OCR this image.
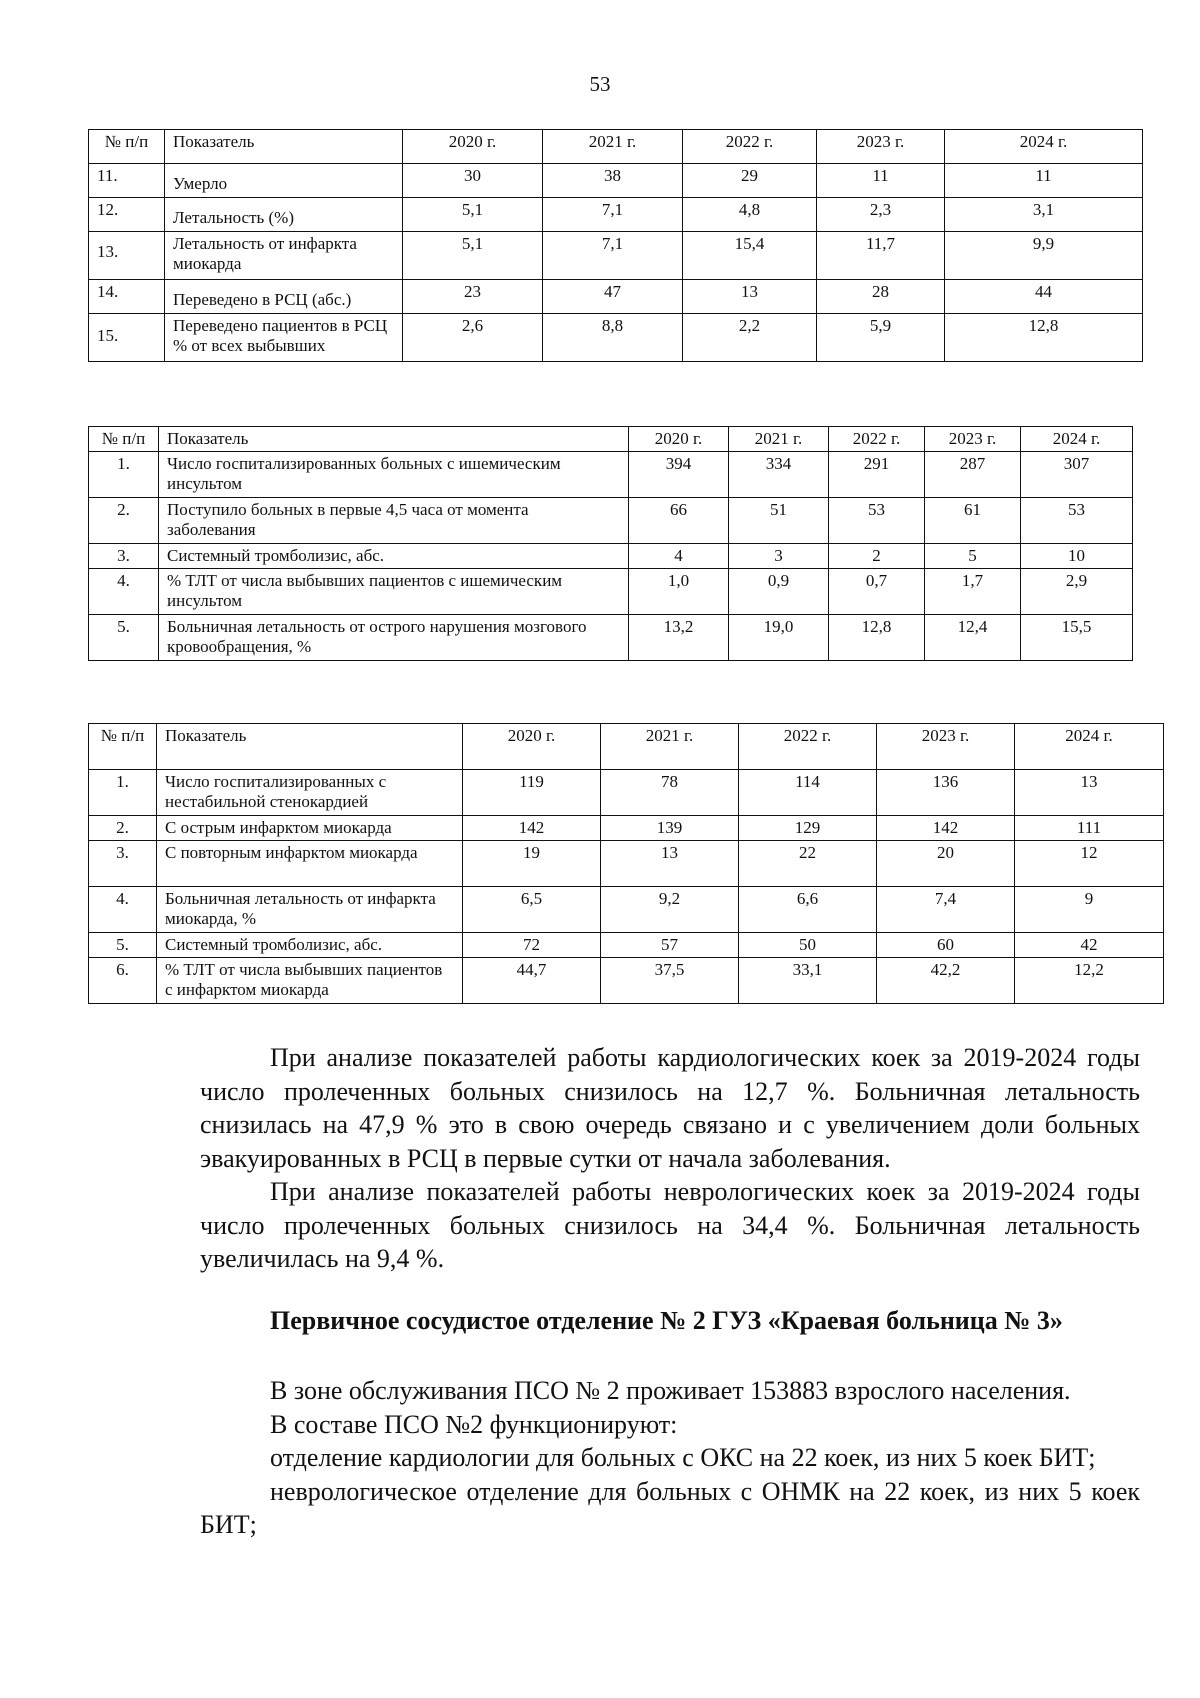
53
№ п/п	Показатель	2020 г.	2021 г.	2022 г.	2023 г.	2024 г.
11.	Умерло	30	38	29	11	11
12.	Летальность (%)	5,1	7,1	4,8	2,3	3,1
13.	Летальность от инфаркта миокарда	5,1	7,1	15,4	11,7	9,9
14.	Переведено в РСЦ (абс.)	23	47	13	28	44
15.	Переведено пациентов в РСЦ % от всех выбывших	2,6	8,8	2,2	5,9	12,8
№ п/п	Показатель	2020 г.	2021 г.	2022 г.	2023 г.	2024 г.
1.	Число госпитализированных больных с ишемическим инсультом	394	334	291	287	307
2.	Поступило больных в первые 4,5 часа от момента заболевания	66	51	53	61	53
3.	Системный тромболизис, абс.	4	3	2	5	10
4.	% ТЛТ от числа выбывших пациентов с ишемическим инсультом	1,0	0,9	0,7	1,7	2,9
5.	Больничная летальность от острого нарушения мозгового кровообращения, %	13,2	19,0	12,8	12,4	15,5
№ п/п	Показатель	2020 г.	2021 г.	2022 г.	2023 г.	2024 г.
1.	Число госпитализированных с нестабильной стенокардией	119	78	114	136	13
2.	С острым инфарктом миокарда	142	139	129	142	111
3.	С повторным инфарктом миокарда	19	13	22	20	12
4.	Больничная летальность от инфаркта миокарда, %	6,5	9,2	6,6	7,4	9
5.	Системный тромболизис, абс.	72	57	50	60	42
6.	% ТЛТ от числа выбывших пациентов с инфарктом миокарда	44,7	37,5	33,1	42,2	12,2

При анализе показателей работы кардиологических коек за 2019-2024 годы число пролеченных больных снизилось на 12,7 %. Больничная летальность снизилась на 47,9 % это в свою очередь связано и с увеличением доли больных эвакуированных в РСЦ в первые сутки от начала заболевания.

При анализе показателей работы неврологических коек за 2019-2024 годы число пролеченных больных снизилось на 34,4 %. Больничная летальность увеличилась на 9,4 %.

Первичное сосудистое отделение № 2 ГУЗ «Краевая больница № 3»

В зоне обслуживания ПСО № 2 проживает 153883 взрослого населения.

В составе ПСО №2 функционируют:

отделение кардиологии для больных с ОКС на 22 коек, из них 5 коек БИТ;

неврологическое отделение для больных с ОНМК на 22 коек, из них 5 коек БИТ;
